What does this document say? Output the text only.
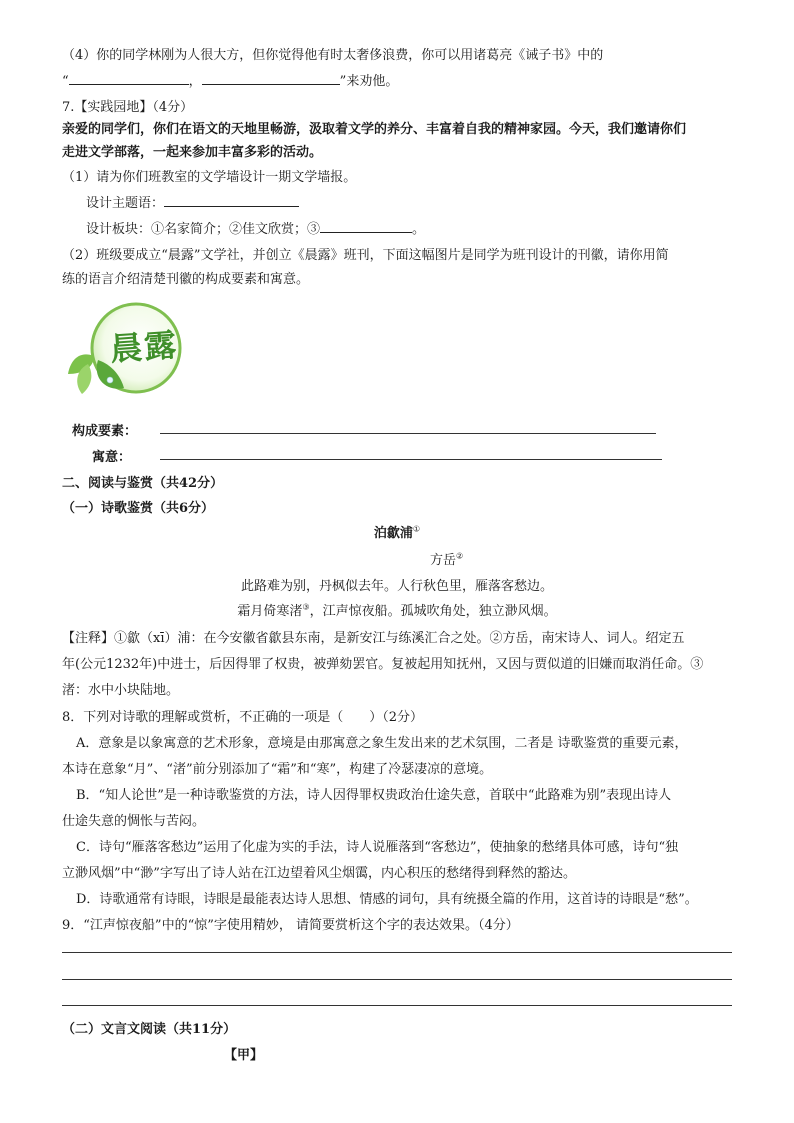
（4）你的同学林刚为人很大方，但你觉得他有时太奢侈浪费，你可以用诸葛亮《诫子书》中的
“	，	”来劝他。
7.【实践园地】（4分）
亲爱的同学们，你们在语文的天地里畅游，汲取着文学的养分、丰富着自我的精神家园。今天，我们邀请你们
走进文学部落，一起来参加丰富多彩的活动。
（1）请为你们班教室的文学墙设计一期文学墙报。
设计主题语：
设计板块：①名家简介；②佳文欣赏；③	。
（2）班级要成立“晨露”文学社，并创立《晨露》班刊，下面这幅图片是同学为班刊设计的刊徽，请你用简
练的语言介绍清楚刊徽的构成要素和寓意。
晨露
构成要素：
寓意：
二、阅读与鉴赏（共42分）
（一）诗歌鉴赏（共6分）
泊歙浦①
方岳②
此路难为别，丹枫似去年。人行秋色里，雁落客愁边。
霜月倚寒渚③，江声惊夜船。孤城吹角处，独立渺风烟。
【注释】①歙（xī）浦：在今安徽省歙县东南，是新安江与练溪汇合之处。②方岳，南宋诗人、词人。绍定五
年(公元1232年)中进士，后因得罪了权贵，被弹劾罢官。复被起用知抚州，又因与贾似道的旧嫌而取消任命。③
渚：水中小块陆地。
8．下列对诗歌的理解或赏析，不正确的一项是（　　）（2分）
A．意象是以象寓意的艺术形象，意境是由那寓意之象生发出来的艺术氛围，二者是 诗歌鉴赏的重要元素，
本诗在意象“月”、“渚”前分别添加了“霜”和“寒”，构建了冷瑟凄凉的意境。
B．“知人论世”是一种诗歌鉴赏的方法，诗人因得罪权贵政治仕途失意，首联中“此路难为别”表现出诗人
仕途失意的惆怅与苦闷。
C．诗句“雁落客愁边”运用了化虚为实的手法，诗人说雁落到“客愁边”，使抽象的愁绪具体可感，诗句“独
立渺风烟”中“渺”字写出了诗人站在江边望着风尘烟霭，内心积压的愁绪得到释然的豁达。
D．诗歌通常有诗眼，诗眼是最能表达诗人思想、情感的词句，具有统摄全篇的作用，这首诗的诗眼是“愁”。
9．“江声惊夜船”中的“惊”字使用精妙， 请简要赏析这个字的表达效果。（4分）
（二）文言文阅读（共11分）
【甲】
